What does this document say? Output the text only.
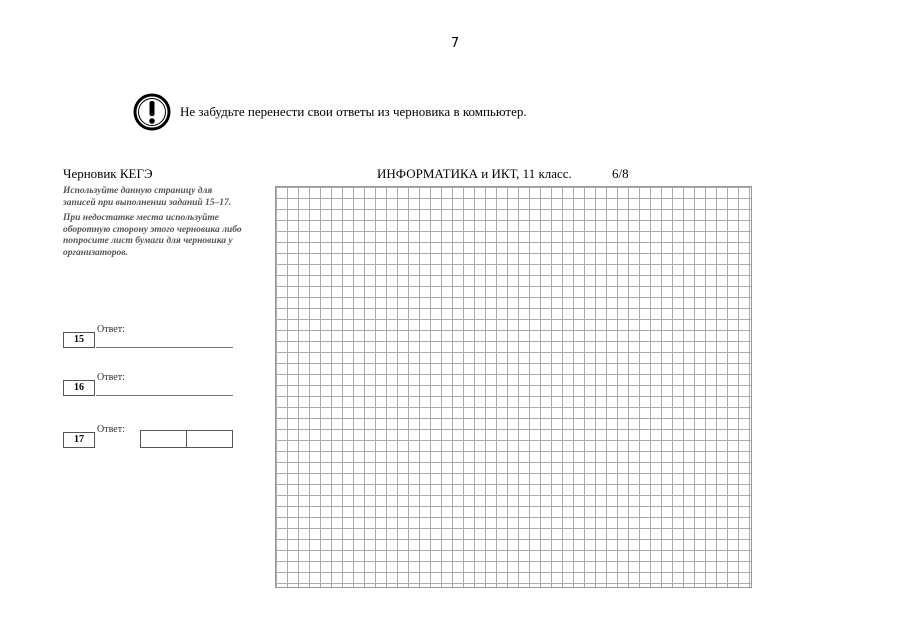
7
Не забудьте перенести свои ответы из черновика в компьютер.
Черновик КЕГЭ	ИНФОРМАТИКА и ИКТ, 11 класс.	6/8

Используйте данную страницу для записей при выполнении заданий 15–17.

При недостатке места используйте оборотную сторону этого черновика либо попросите лист бумаги для черновика у организаторов.

Ответ:
15
Ответ:
16
Ответ:
17
